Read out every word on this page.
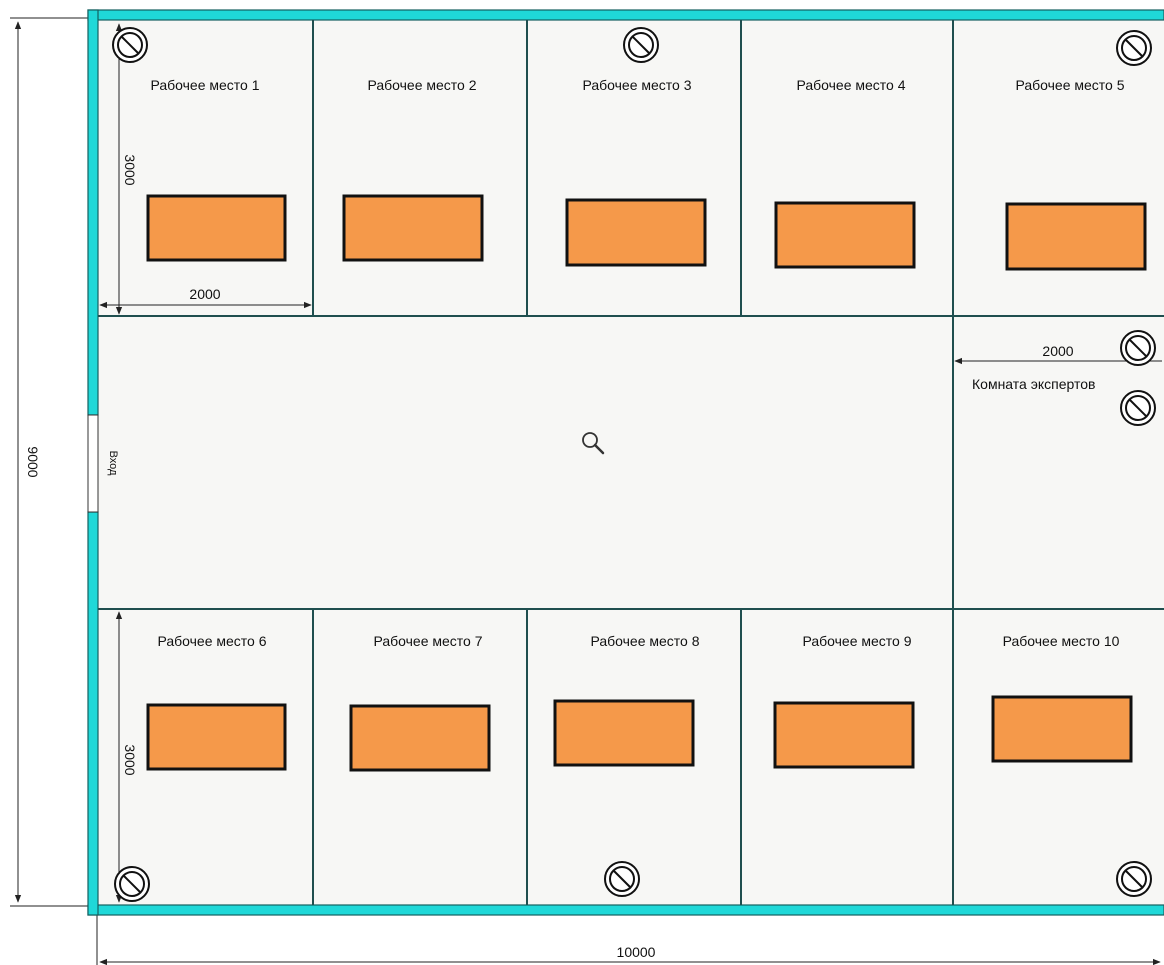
9000
10000
Вход
Рабочее место 1	Рабочее место 2	Рабочее место 3	Рабочее место 4	Рабочее место 5
Рабочее место 6	Рабочее место 7	Рабочее место 8	Рабочее место 9	Рабочее место 10
2000
3000
3000
2000
Комната экспертов
